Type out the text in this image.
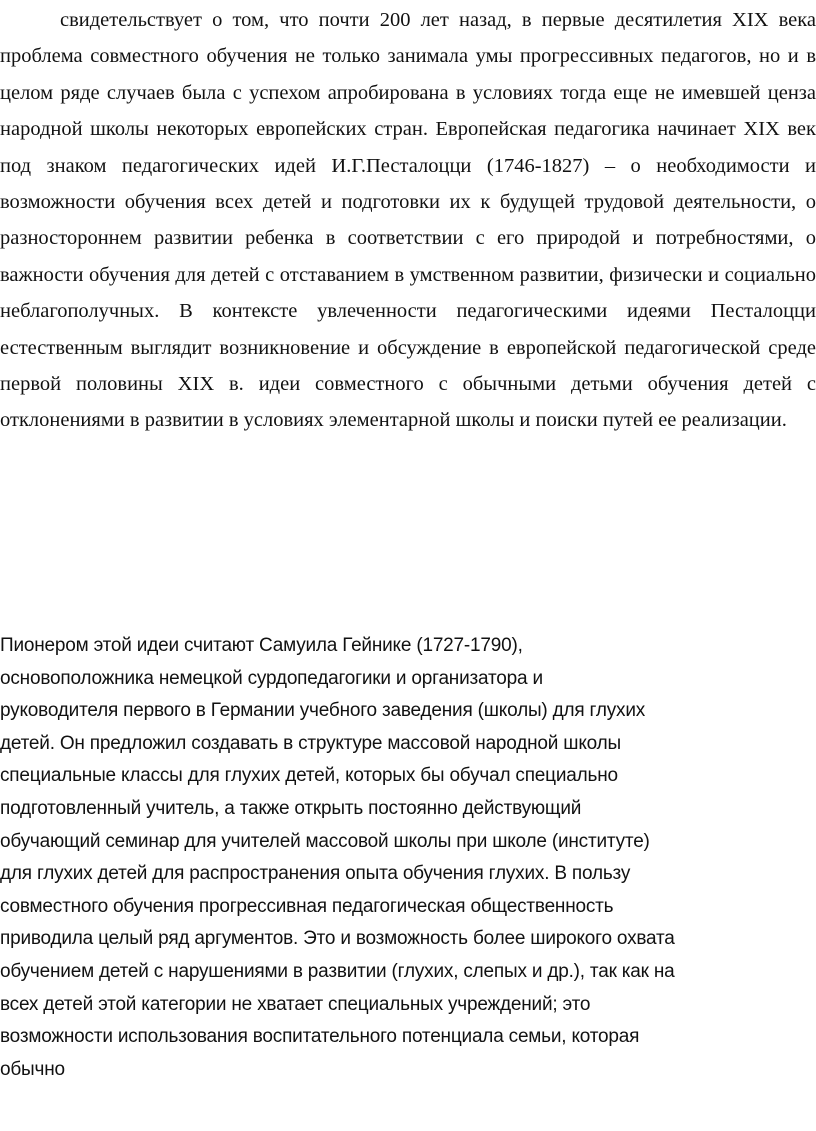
свидетельствует о том, что почти 200 лет назад, в первые десятилетия XIX века проблема совместного обучения не только занимала умы прогрессивных педагогов, но и в целом ряде случаев была с успехом апробирована в условиях тогда еще не имевшей ценза народной школы некоторых европейских стран. Европейская педагогика начинает XIX век под знаком педагогических идей И.Г.Песталоцци (1746-1827) – о необходимости и возможности обучения всех детей и подготовки их к будущей трудовой деятельности, о разностороннем развитии ребенка в соответствии с его природой и потребностями, о важности обучения для детей с отставанием в умственном развитии, физически и социально неблагополучных. В контексте увлеченности педагогическими идеями Песталоцци естественным выглядит возникновение и обсуждение в европейской педагогической среде первой половины XIX в. идеи совместного с обычными детьми обучения детей с отклонениями в развитии в условиях элементарной школы и поиски путей ее реализации.

Пионером этой идеи считают Самуила Гейнике (1727-1790),
основоположника немецкой сурдопедагогики и организатора и
руководителя первого в Германии учебного заведения (школы) для глухих
детей. Он предложил создавать в структуре массовой народной школы
специальные классы для глухих детей, которых бы обучал специально
подготовленный учитель, а также открыть постоянно действующий
обучающий семинар для учителей массовой школы при школе (институте)
для глухих детей для распространения опыта обучения глухих. В пользу
совместного обучения прогрессивная педагогическая общественность
приводила целый ряд аргументов. Это и возможность более широкого охвата
обучением детей с нарушениями в развитии (глухих, слепых и др.), так как на
всех детей этой категории не хватает специальных учреждений; это
возможности использования воспитательного потенциала семьи, которая
обычно
